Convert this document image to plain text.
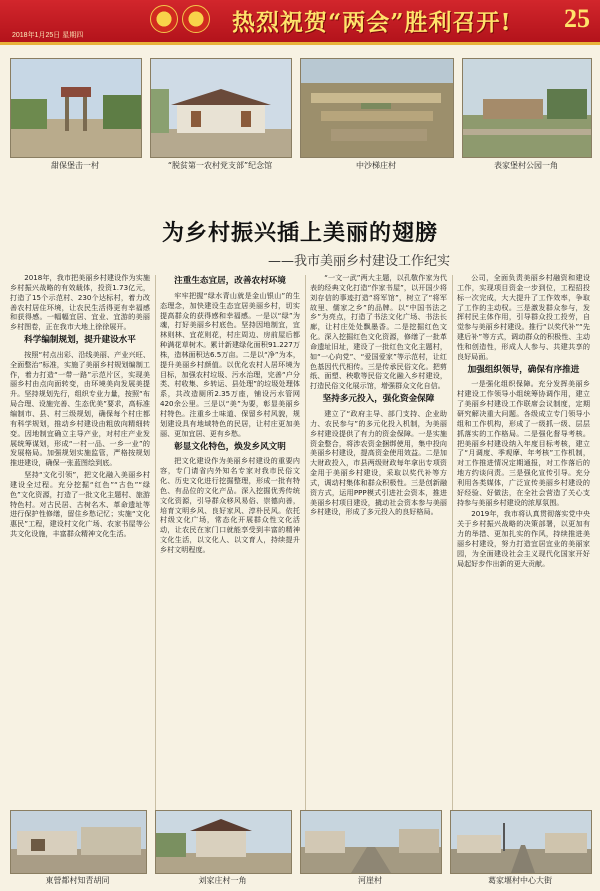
热烈祝贺“两会”胜利召开! 25
2018年1月25日 星期四
甜保堡击一村	“脱贫第一农村党支部”纪念馆	中沙梯庄村	表家堡村公园一角
为乡村振兴插上美丽的翅膀
——我市美丽乡村建设工作纪实

2018年，我市把美丽乡村建设作为实施乡村振兴战略的有效载体，投资1.73亿元，打造了15个示范村、230个达标村，着力改善农村居住环境，让农民生活得更有幸福感和获得感。一幅幅宜居、宜业、宜游的美丽乡村图卷，正在我市大地上徐徐展开。

科学编制规划，提升建设水平

按照“村点出彩、沿线美丽、产业兴旺、全面整治”标准，实施了美丽乡村规划编制工作，着力打造“一带一路”示范片区，实现美丽乡村由点向面转变，由环境美向发展美提升。坚持规划先行，组织专业力量，按照“布局合理、设施完善、生态优美”要求，高标准编制市、县、村三级规划，确保每个村庄都有科学规划，推动乡村建设由粗放向精细转变。因地制宜确立主导产业，对村庄产业发展统筹谋划，形成“一村一品、一乡一业”的发展格局。加强规划实施监管，严格按规划推进建设，确保一张蓝图绘到底。

坚持“文化引领”，把文化融入美丽乡村建设全过程。充分挖掘“红色”“古色”“绿色”文化资源，打造了一批文化主题村、旅游特色村。对古民居、古树名木、革命遗址等进行保护性修缮，留住乡愁记忆；实施“文化惠民”工程，建设村文化广场、农家书屋等公共文化设施，丰富群众精神文化生活。

注重生态宜居，改善农村环境

牢牢把握“绿水青山就是金山银山”的生态理念，加快建设生态宜居美丽乡村，切实提高群众的获得感和幸福感。一是以“绿”为魂，打好美丽乡村底色。坚持因地制宜，宜林则林、宜花则花，村庄周边、房前屋后都种满花草树木。累计新建绿化面积91.227万株，造林面积达6.5万亩。二是以“净”为本，提升美丽乡村颜值。以优化农村人居环境为目标，加强农村垃圾、污水治理，完善“户分类、村收集、乡转运、县处理”的垃圾处理体系，共改造厕所2.35万座，铺设污水管网420余公里。三是以“美”为要，彰显美丽乡村特色。注重乡土味道、保留乡村风貌，规划建设具有地域特色的民居，让村庄更加美丽、更加宜居、更有乡愁。

彰显文化特色，焕发乡风文明

把文化建设作为美丽乡村建设的重要内容，专门请省内外知名专家对我市民俗文化、历史文化进行挖掘整理，形成一批有特色、有品位的文化产品。深入挖掘优秀传统文化资源，引导群众移风易俗、崇德向善，培育文明乡风、良好家风、淳朴民风。依托村级文化广场，常态化开展群众性文化活动，让农民在家门口就能享受到丰富的精神文化生活，以文化人、以文育人，持续提升乡村文明程度。

“一文一武”两大主题，以孔敬作家为代表的经典文化打造“作家书屋”，以开国少将刘存信的事迹打造“将军馆”，树立了“将军故里、儒家之乡”的品牌。以“中国书法之乡”为亮点，打造了书法文化广场、书法长廊，让村庄处处飘墨香。二是挖掘红色文化。深入挖掘红色文化资源，修缮了一批革命遗址旧址，建设了一批红色文化主题村，如“一心向党”、“爱国爱家”等示范村，让红色基因代代相传。三是传承民俗文化。把剪纸、面塑、秧歌等民俗文化融入乡村建设，打造民俗文化展示馆，增强群众文化自信。

坚持多元投入，强化资金保障

建立了“政府主导、部门支持、企业助力、农民参与”的多元化投入机制，为美丽乡村建设提供了有力的资金保障。一是实施资金整合，将涉农资金捆绑使用，集中投向美丽乡村建设，提高资金使用效益。二是加大财政投入，市县两级财政每年拿出专项资金用于美丽乡村建设，采取以奖代补等方式，调动村集体和群众积极性。三是创新融资方式，运用PPP模式引进社会资本，推进美丽乡村项目建设，撬动社会资本参与美丽乡村建设，形成了多元投入的良好格局。

公司，全面负责美丽乡村融资和建设工作，实现项目资金一步到位，工程招投标一次完成，大大提升了工作效率，争取了工作的主动权。三是激发群众参与，发挥村民主体作用，引导群众投工投劳，自觉参与美丽乡村建设。推行“以奖代补”“先建后补”等方式，调动群众的积极性、主动性和创造性，形成人人参与、共建共享的良好局面。

加强组织领导，确保有序推进

一是强化组织保障。充分发挥美丽乡村建设工作领导小组统筹协调作用，建立了美丽乡村建设工作联席会议制度，定期研究解决重大问题。各级成立专门领导小组和工作机构，形成了一级抓一级、层层抓落实的工作格局。二是强化督导考核。把美丽乡村建设纳入年度目标考核，建立了“月调度、季观摩、年考核”工作机制，对工作推进情况定期通报，对工作落后的地方约谈问责。三是强化宣传引导。充分利用各类媒体，广泛宣传美丽乡村建设的好经验、好做法，在全社会营造了关心支持参与美丽乡村建设的浓厚氛围。

2019年，我市将认真贯彻落实党中央关于乡村振兴战略的决策部署，以更加有力的举措、更加扎实的作风，持续推进美丽乡村建设，努力打造宜居宜业的美丽家园，为全面建设社会主义现代化国家开好局起好步作出新的更大贡献。

東營都村知青胡同	刘家庄村一角	河崖村	葛家堰村中心大街
